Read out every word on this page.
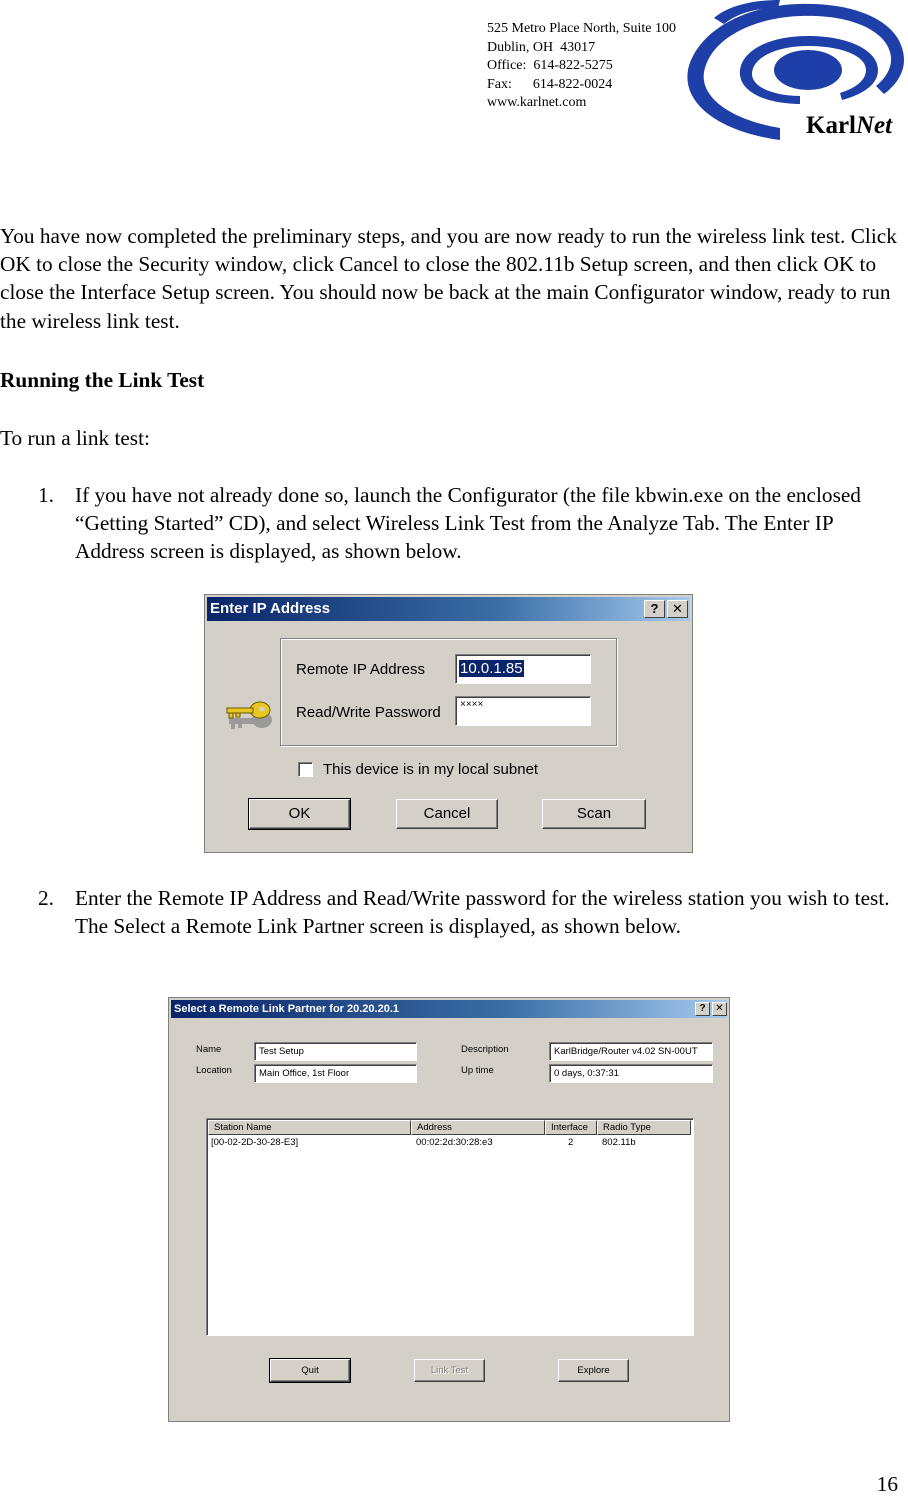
525 Metro Place North, Suite 100
Dublin, OH  43017
Office:  614-822-5275
Fax:      614-822-0024
www.karlnet.com
KarlNet
You have now completed the preliminary steps, and you are now ready to run the wireless link test. Click OK to close the Security window, click Cancel to close the 802.11b Setup screen, and then click OK to close the Interface Setup screen. You should now be back at the main Configurator window, ready to run the wireless link test.
Running the Link Test
To run a link test:
1. If you have not already done so, launch the Configurator (the file kbwin.exe on the enclosed “Getting Started” CD), and select Wireless Link Test from the Analyze Tab. The Enter IP Address screen is displayed, as shown below.
Enter IP Address	?	✕
Remote IP Address	10.0.1.85
Read/Write Password	××××
This device is in my local subnet
OK	Cancel	Scan
2. Enter the Remote IP Address and Read/Write password for the wireless station you wish to test. The Select a Remote Link Partner screen is displayed, as shown below.
Select a Remote Link Partner for 20.20.20.1	? ✕
Name	Test Setup
Location	Main Office, 1st Floor
Description	KarlBridge/Router v4.02 SN-00UT
Up time	0 days, 0:37:31
Station Name	Address	Interface	Radio Type
[00-02-2D-30-28-E3]	00:02:2d:30:28:e3	2	802.11b
Quit	Link Test	Explore
16
